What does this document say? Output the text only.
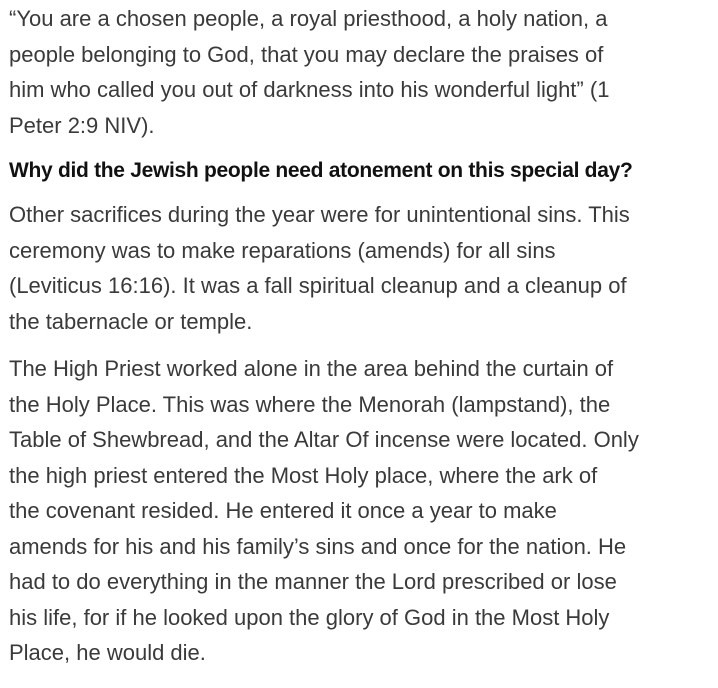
“You are a chosen people, a royal priesthood, a holy nation, a
people belonging to God, that you may declare the praises of
him who called you out of darkness into his wonderful light” (1
Peter 2:9 NIV).

Why did the Jewish people need atonement on this special day?

Other sacrifices during the year were for unintentional sins. This
ceremony was to make reparations (amends) for all sins
(Leviticus 16:16). It was a fall spiritual cleanup and a cleanup of
the tabernacle or temple.

The High Priest worked alone in the area behind the curtain of
the Holy Place. This was where the Menorah (lampstand), the
Table of Shewbread, and the Altar Of incense were located. Only
the high priest entered the Most Holy place, where the ark of
the covenant resided. He entered it once a year to make
amends for his and his family’s sins and once for the nation. He
had to do everything in the manner the Lord prescribed or lose
his life, for if he looked upon the glory of God in the Most Holy
Place, he would die.
